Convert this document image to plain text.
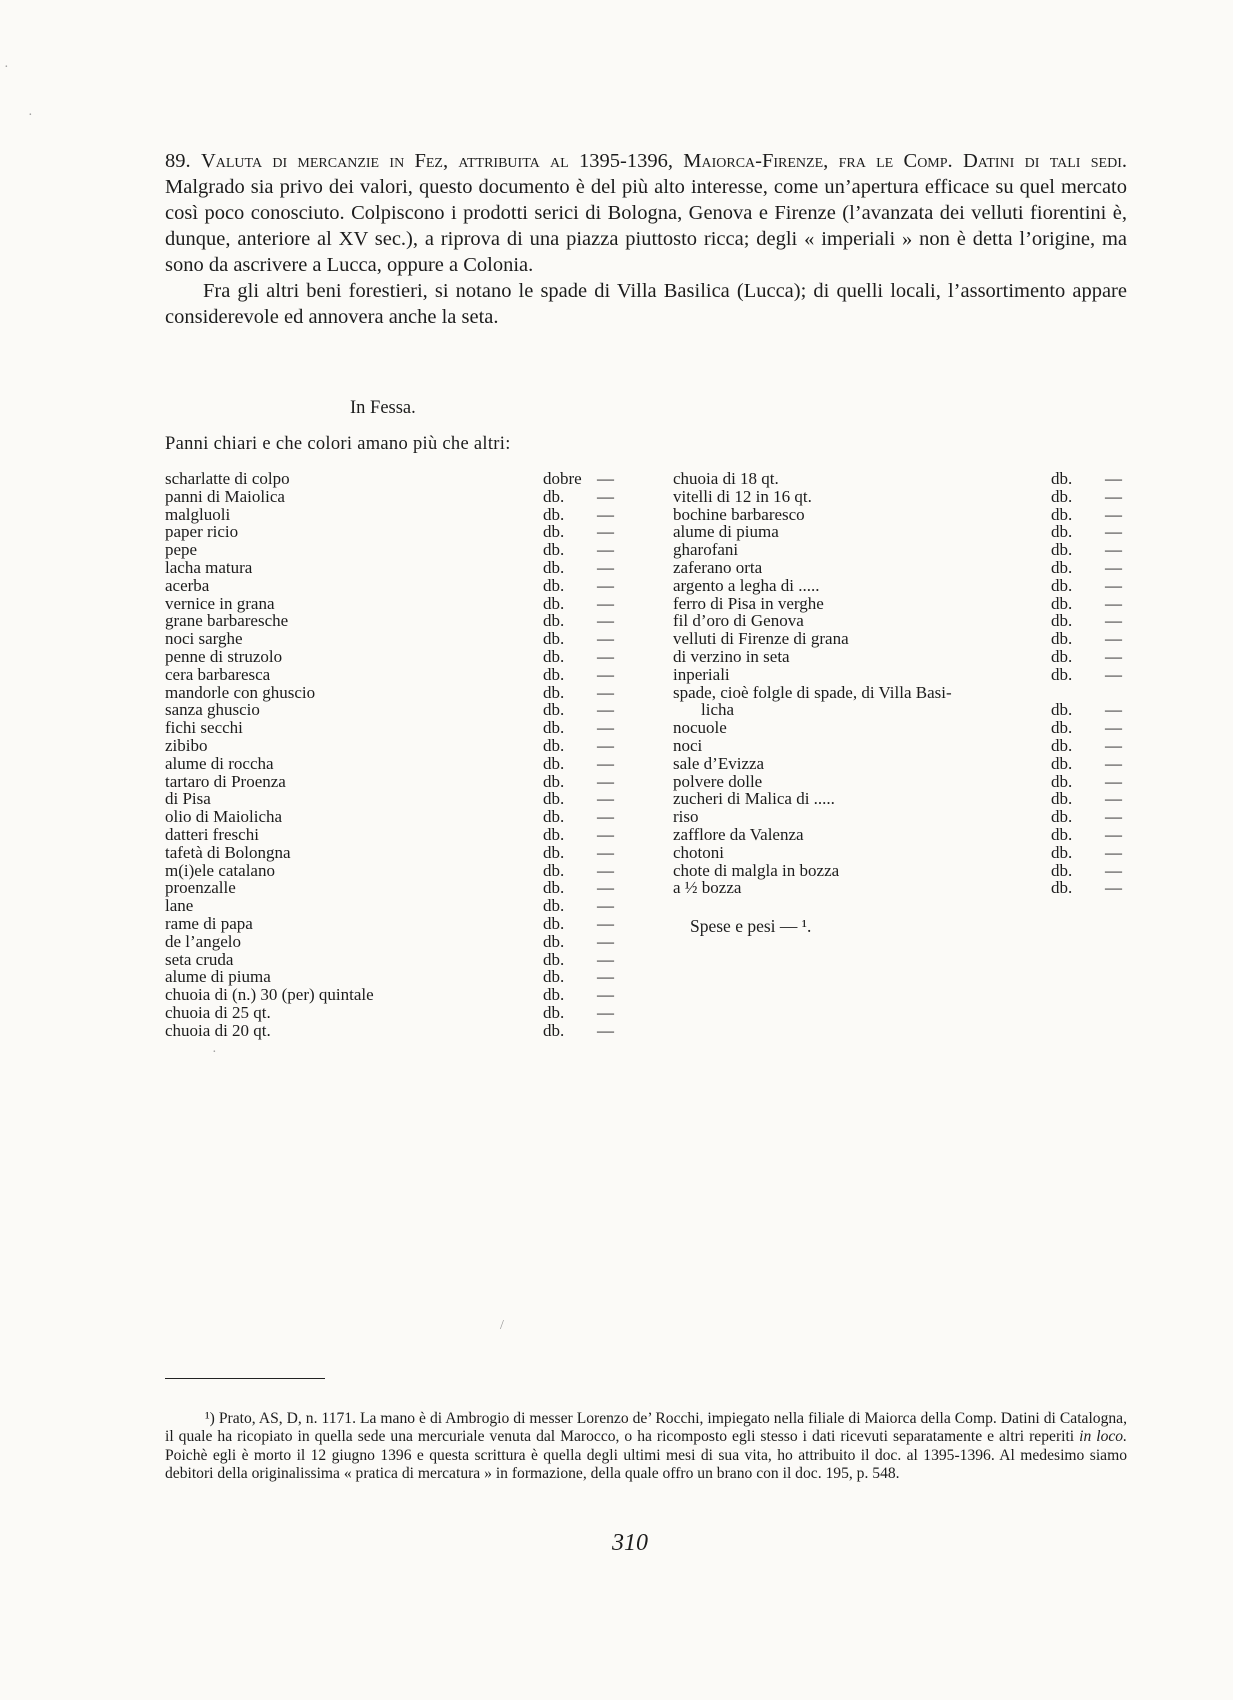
89. Valuta di mercanzie in Fez, attribuita al 1395-1396, Maiorca-Firenze, fra le Comp. Datini di tali sedi. Malgrado sia privo dei valori, questo documento è del più alto interesse, come un’apertura efficace su quel mercato così poco conosciuto. Colpiscono i prodotti serici di Bologna, Genova e Firenze (l’avanzata dei velluti fiorentini è, dunque, anteriore al XV sec.), a riprova di una piazza piuttosto ricca; degli « imperiali » non è detta l’origine, ma sono da ascrivere a Lucca, oppure a Colonia.

Fra gli altri beni forestieri, si notano le spade di Villa Basilica (Lucca); di quelli locali, l’assortimento appare considerevole ed annovera anche la seta.

In Fessa.
Panni chiari e che colori amano più che altri:
scharlatte di colpo	dobre —
panni di Maiolica	db. —
malgluoli	db. —
paper ricio	db. —
pepe	db. —
lacha matura	db. —
acerba	db. —
vernice in grana	db. —
grane barbaresche	db. —
noci sarghe	db. —
penne di struzolo	db. —
cera barbaresca	db. —
mandorle con ghuscio	db. —
sanza ghuscio	db. —
fichi secchi	db. —
zibibo	db. —
alume di roccha	db. —
tartaro di Proenza	db. —
di Pisa	db. —
olio di Maiolicha	db. —
datteri freschi	db. —
tafetà di Bolongna	db. —
m(i)ele catalano	db. —
proenzalle	db. —
lane	db. —
rame di papa	db. —
de l’angelo	db. —
seta cruda	db. —
alume di piuma	db. —
chuoia di (n.) 30 (per) quintale	db. —
chuoia di 25 qt.	db. —
chuoia di 20 qt.	db. —
chuoia di 18 qt.	db. —
vitelli di 12 in 16 qt.	db. —
bochine barbaresco	db. —
alume di piuma	db. —
gharofani	db. —
zaferano orta	db. —
argento a legha di .....	db. —
ferro di Pisa in verghe	db. —
fil d’oro di Genova	db. —
velluti di Firenze di grana	db. —
di verzino in seta	db. —
inperiali	db. —
spade, cioè folgle di spade, di Villa Basi-
licha	db. —
nocuole	db. —
noci	db. —
sale d’Evizza	db. —
polvere dolle	db. —
zucheri di Malica di .....	db. —
riso	db. —
zafflore da Valenza	db. —
chotoni	db. —
chote di malgla in bozza	db. —
a ½ bozza	db. —
Spese e pesi — ¹.

¹) Prato, AS, D, n. 1171. La mano è di Ambrogio di messer Lorenzo de’ Rocchi, impiegato nella filiale di Maiorca della Comp. Datini di Catalogna, il quale ha ricopiato in quella sede una mercuriale venuta dal Marocco, o ha ricomposto egli stesso i dati ricevuti separatamente e altri reperiti in loco. Poichè egli è morto il 12 giugno 1396 e questa scrittura è quella degli ultimi mesi di sua vita, ho attribuito il doc. al 1395-1396. Al medesimo siamo debitori della originalissima « pratica di mercatura » in formazione, della quale offro un brano con il doc. 195, p. 548.

310
·
·
·
/
